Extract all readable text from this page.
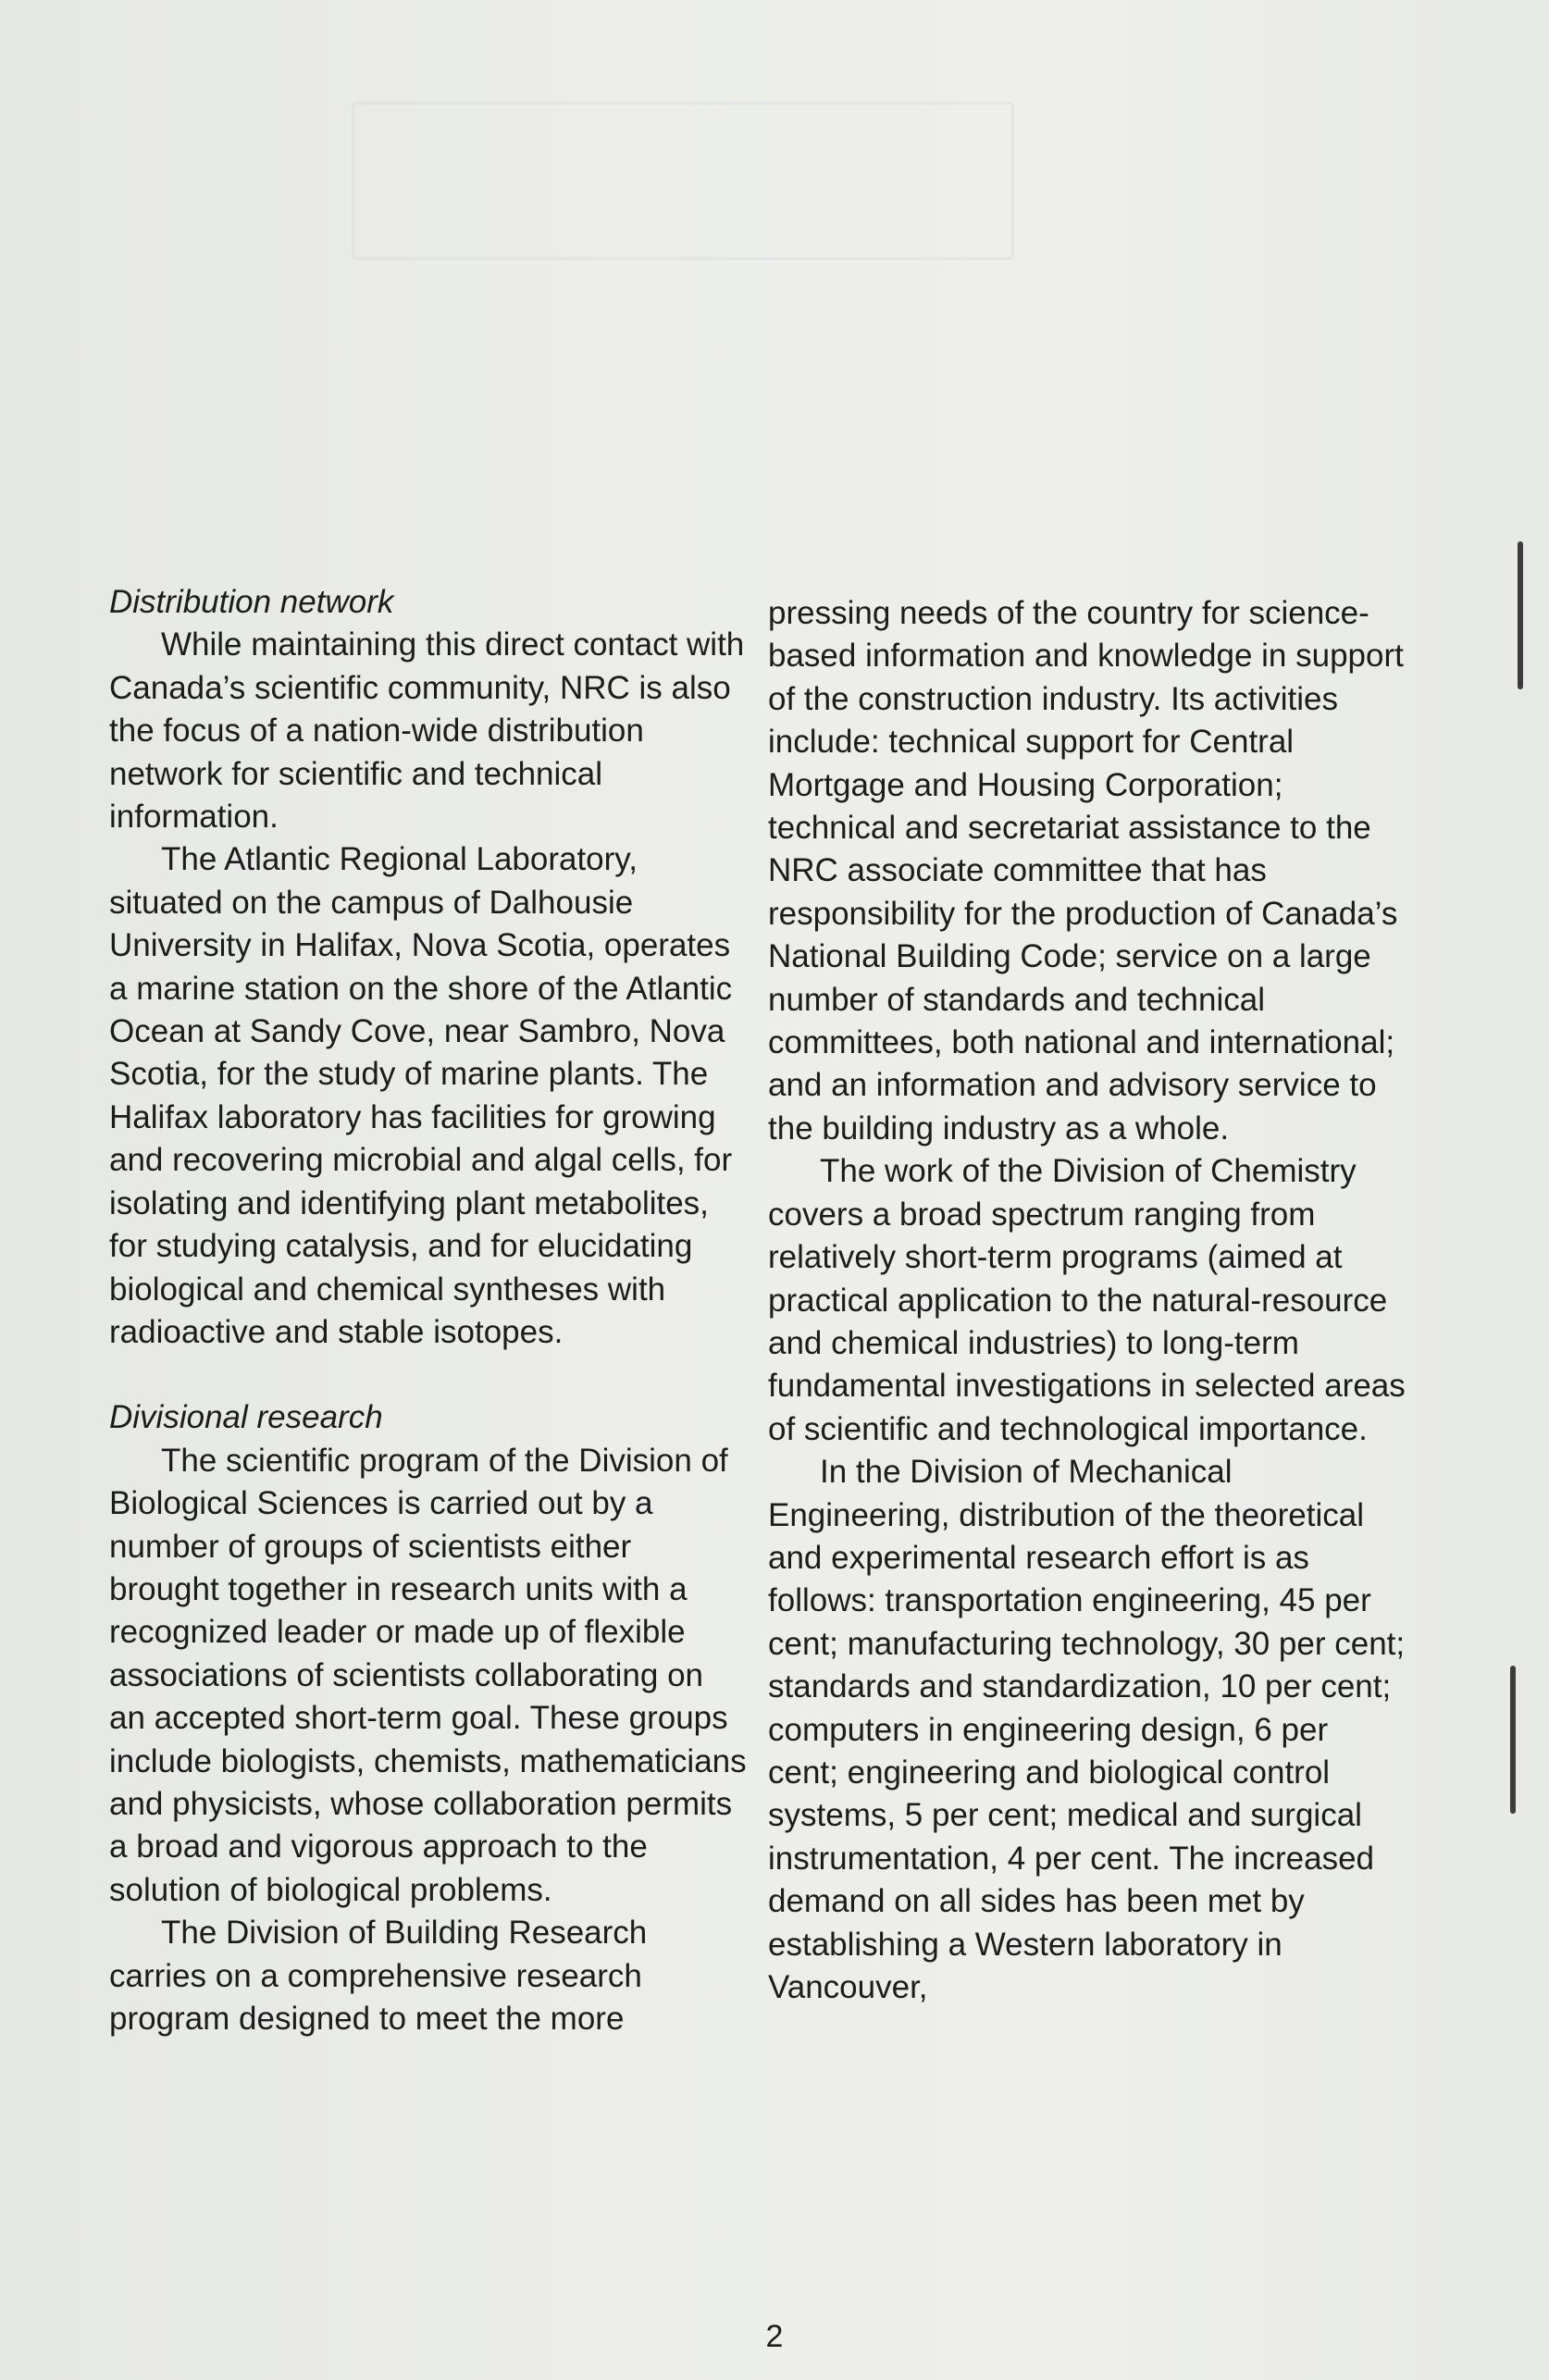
Distribution network

While maintaining this direct contact with Canada’s scientific community, NRC is also the focus of a nation-wide distribution network for scientific and technical information.

The Atlantic Regional Laboratory, situated on the campus of Dalhousie University in Halifax, Nova Scotia, operates a marine station on the shore of the Atlantic Ocean at Sandy Cove, near Sambro, Nova Scotia, for the study of marine plants. The Halifax laboratory has facilities for growing and recovering microbial and algal cells, for isolating and identifying plant metabolites, for studying catalysis, and for elucidating biological and chemical syntheses with radioactive and stable isotopes.

Divisional research

The scientific program of the Division of Biological Sciences is carried out by a number of groups of scientists either brought together in research units with a recognized leader or made up of flexible associations of scientists collaborating on an accepted short-term goal. These groups include biologists, chemists, mathematicians and physicists, whose collaboration permits a broad and vigorous approach to the solution of biological problems.

The Division of Building Research carries on a comprehensive research program designed to meet the more

pressing needs of the country for science-based information and knowledge in support of the construction industry. Its activities include: technical support for Central Mortgage and Housing Corporation; technical and secretariat assistance to the NRC associate committee that has responsibility for the production of Canada’s National Building Code; service on a large number of standards and technical committees, both national and international; and an information and advisory service to the building industry as a whole.

The work of the Division of Chemistry covers a broad spectrum ranging from relatively short-term programs (aimed at practical application to the natural-resource and chemical industries) to long-term fundamental investigations in selected areas of scientific and technological importance.

In the Division of Mechanical Engineering, distribution of the theoretical and experimental research effort is as follows: transportation engineering, 45 per cent; manufacturing technology, 30 per cent; standards and standardization, 10 per cent; computers in engineering design, 6 per cent; engineering and biological control systems, 5 per cent; medical and surgical instrumentation, 4 per cent. The increased demand on all sides has been met by establishing a Western laboratory in Vancouver,

2
